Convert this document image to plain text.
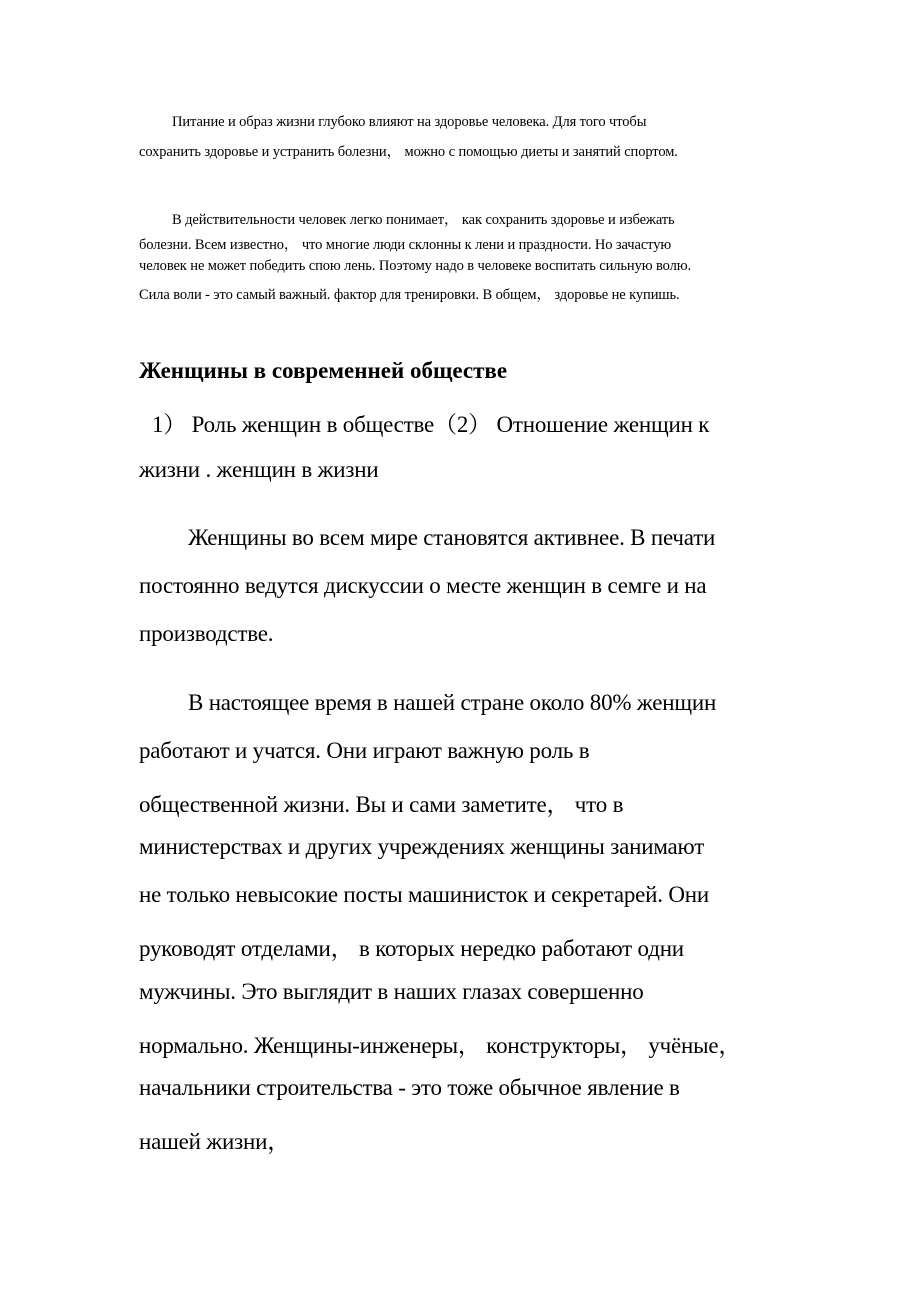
Питание и образ жизни глубоко влияют на здоровье человека. Для того чтобы
сохранить здоровье и устранить болезни， можно с помощью диеты и занятий спортом.
В действительности человек легко понимает， как сохранить здоровье и избежать
болезни. Всем известно， что многие люди склонны к лени и праздности. Но зачастую
человек не может победить спою лень. Поэтому надо в человеке воспитать сильную волю.
Сила воли - это самый важный. фактор для тренировки. В общем， здоровье не купишь.
Женщины в современней обществе
1） Роль женщин в обществе（2） Отношение женщин к
жизни . женщин в жизни
Женщины во всем мире становятся активнее. В печати
постоянно ведутся дискуссии о месте женщин в семге и на
производстве.
В настоящее время в нашей стране около 80% женщин
работают и учатся. Они играют важную роль в
общественной жизни. Вы и сами заметите， что в
министерствах и других учреждениях женщины занимают
не только невысокие посты машинисток и секретарей. Они
руководят отделами， в которых нередко работают одни
мужчины. Это выглядит в наших глазах совершенно
нормально. Женщины-инженеры， конструкторы， учёные，
начальники строительства - это тоже обычное явление в
нашей жизни，
